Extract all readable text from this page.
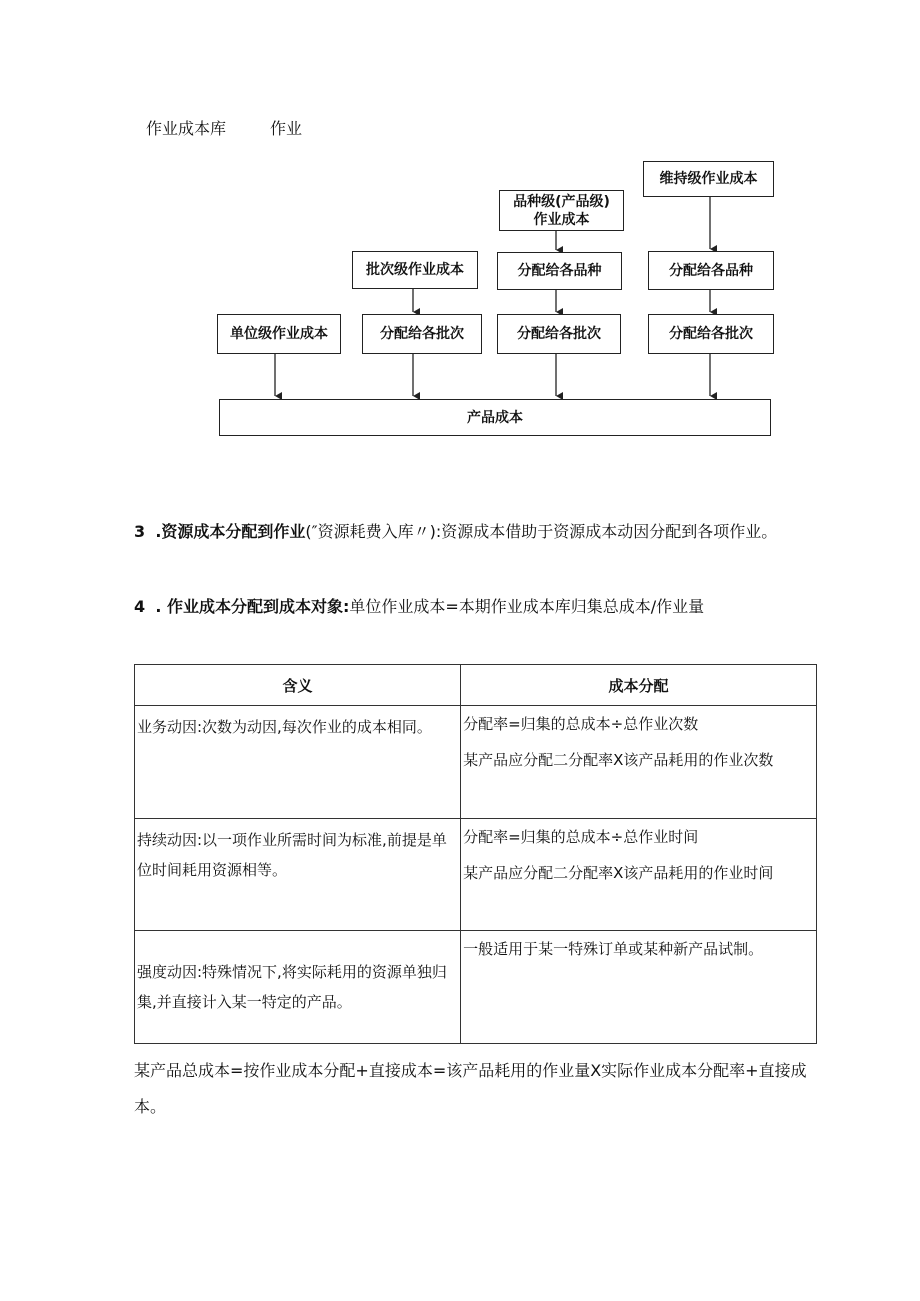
作业成本库	作业
单位级作业成本
批次级作业成本
分配给各批次
品种级(产品级)
作业成本
分配给各品种
分配给各批次
维持级作业成本
分配给各品种
分配给各批次
产品成本
3 .资源成本分配到作业(″资源耗费入库〃):资源成本借助于资源成本动因分配到各项作业。
4 . 作业成本分配到成本对象:单位作业成本=本期作业成本库归集总成本/作业量
含义	成本分配
业务动因:次数为动因,每次作业的成本相同。	分配率=归集的总成本÷总作业次数
某产品应分配二分配率X该产品耗用的作业次数

持续动因:以一项作业所需时间为标准,前提是单位时间耗用资源相等。	分配率=归集的总成本÷总作业时间
某产品应分配二分配率X该产品耗用的作业时间

强度动因:特殊情况下,将实际耗用的资源单独归集,并直接计入某一特定的产品。	一般适用于某一特殊订单或某种新产品试制。
某产品总成本=按作业成本分配+直接成本=该产品耗用的作业量X实际作业成本分配率+直接成本。
